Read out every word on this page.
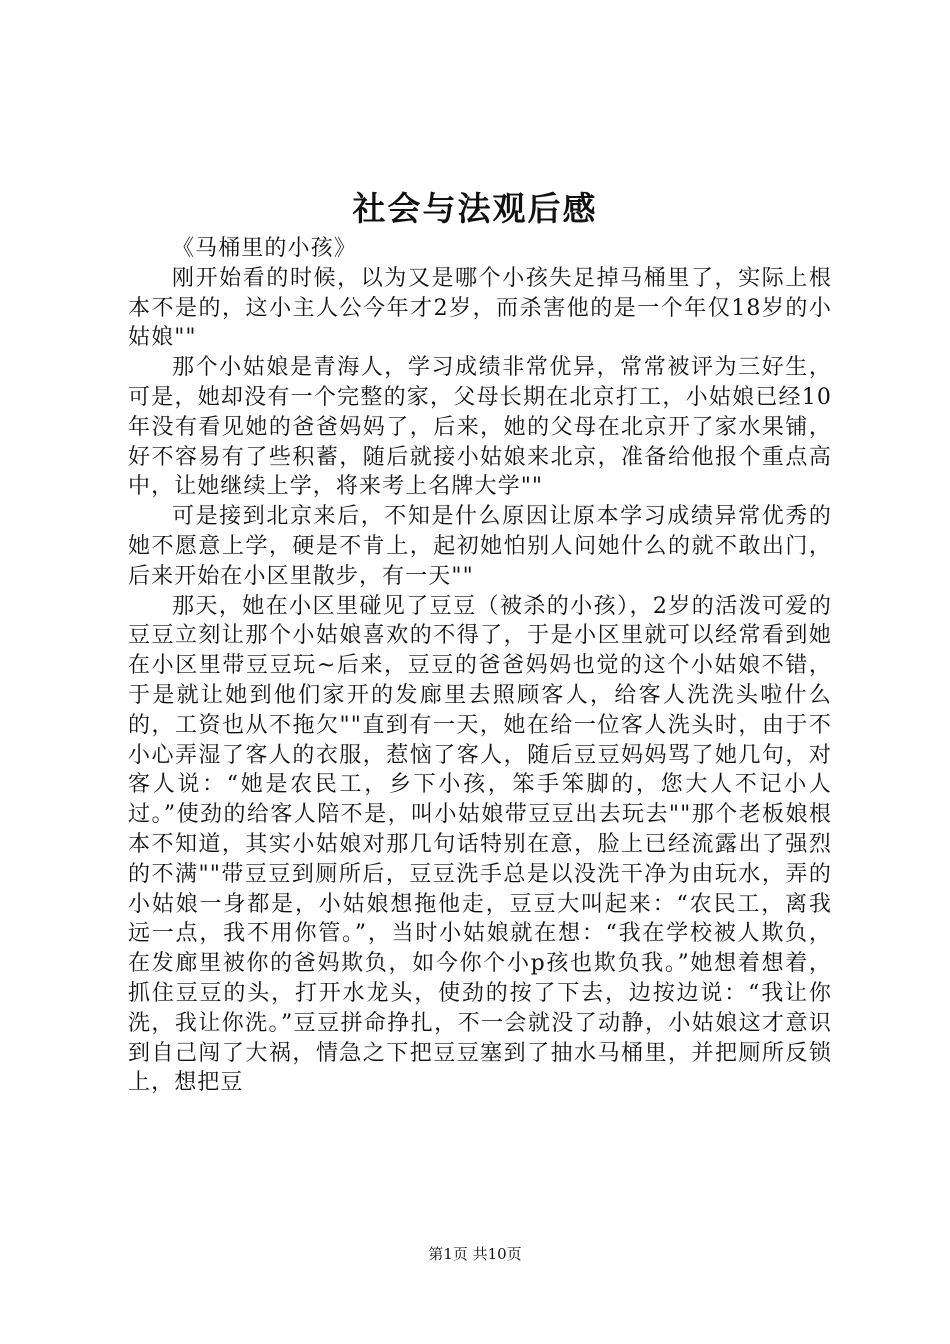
社会与法观后感

《马桶里的小孩》

刚开始看的时候，以为又是哪个小孩失足掉马桶里了，实际上根本不是的，这小主人公今年才2岁，而杀害他的是一个年仅18岁的小姑娘""

那个小姑娘是青海人，学习成绩非常优异，常常被评为三好生，可是，她却没有一个完整的家，父母长期在北京打工，小姑娘已经10年没有看见她的爸爸妈妈了，后来，她的父母在北京开了家水果铺，好不容易有了些积蓄，随后就接小姑娘来北京，准备给他报个重点高中，让她继续上学，将来考上名牌大学""

可是接到北京来后，不知是什么原因让原本学习成绩异常优秀的她不愿意上学，硬是不肯上，起初她怕别人问她什么的就不敢出门，后来开始在小区里散步，有一天""

那天，她在小区里碰见了豆豆（被杀的小孩），2岁的活泼可爱的豆豆立刻让那个小姑娘喜欢的不得了，于是小区里就可以经常看到她在小区里带豆豆玩~后来，豆豆的爸爸妈妈也觉的这个小姑娘不错，于是就让她到他们家开的发廊里去照顾客人，给客人洗洗头啦什么的，工资也从不拖欠""直到有一天，她在给一位客人洗头时，由于不小心弄湿了客人的衣服，惹恼了客人，随后豆豆妈妈骂了她几句，对客人说：“她是农民工，乡下小孩，笨手笨脚的，您大人不记小人过。”使劲的给客人陪不是，叫小姑娘带豆豆出去玩去""那个老板娘根本不知道，其实小姑娘对那几句话特别在意，脸上已经流露出了强烈的不满""带豆豆到厕所后，豆豆洗手总是以没洗干净为由玩水，弄的小姑娘一身都是，小姑娘想拖他走，豆豆大叫起来：“农民工，离我远一点，我不用你管。”，当时小姑娘就在想：“我在学校被人欺负，在发廊里被你的爸妈欺负，如今你个小p孩也欺负我。”她想着想着，抓住豆豆的头，打开水龙头，使劲的按了下去，边按边说：“我让你洗，我让你洗。”豆豆拼命挣扎，不一会就没了动静，小姑娘这才意识到自己闯了大祸，情急之下把豆豆塞到了抽水马桶里，并把厕所反锁上，想把豆

第1页 共10页
